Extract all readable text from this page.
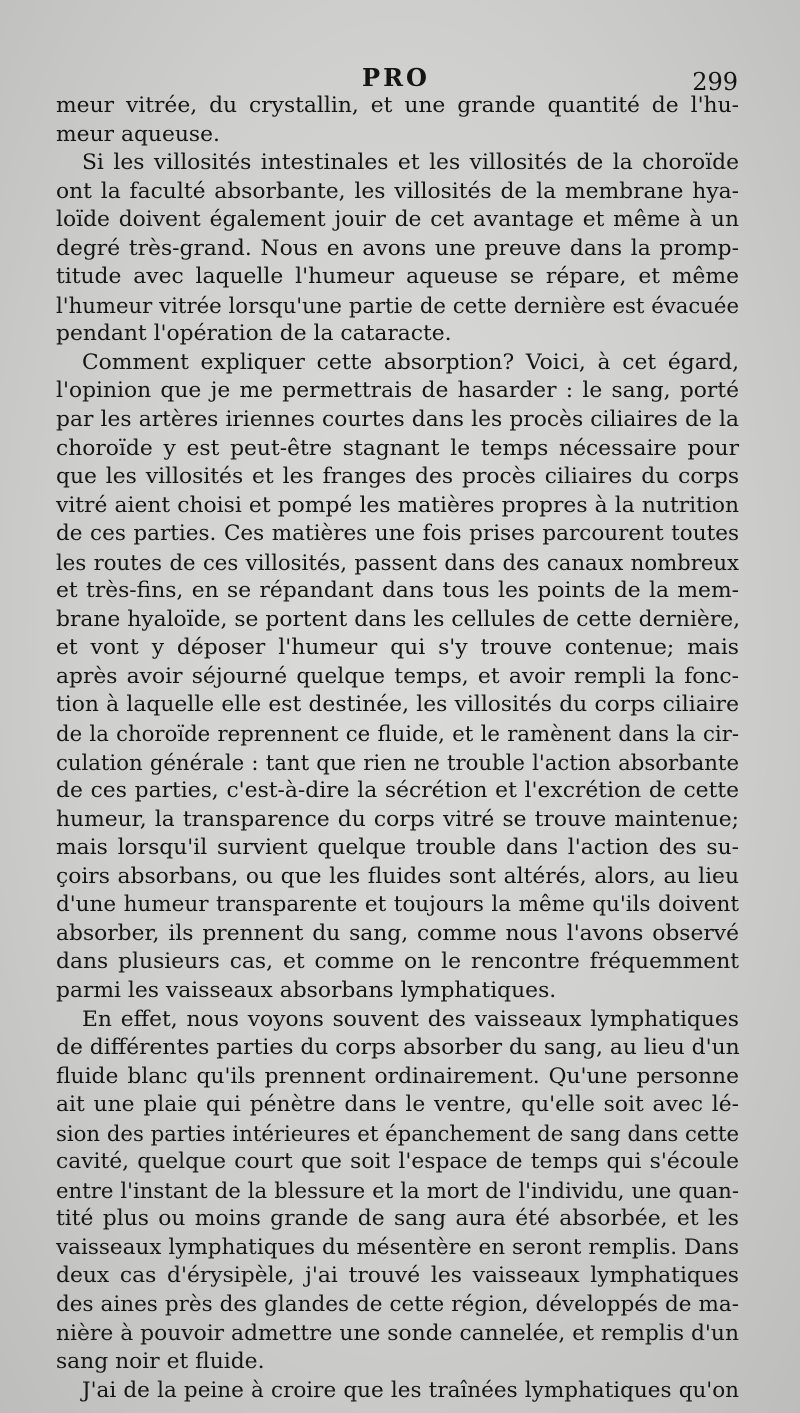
PRO	299
meur vitrée, du crystallin, et une grande quantité de l'hu-
meur aqueuse.
Si les villosités intestinales et les villosités de la choroïde
ont la faculté absorbante, les villosités de la membrane hya-
loïde doivent également jouir de cet avantage et même à un
degré très-grand. Nous en avons une preuve dans la promp-
titude avec laquelle l'humeur aqueuse se répare, et même
l'humeur vitrée lorsqu'une partie de cette dernière est évacuée
pendant l'opération de la cataracte.
Comment expliquer cette absorption? Voici, à cet égard,
l'opinion que je me permettrais de hasarder : le sang, porté
par les artères iriennes courtes dans les procès ciliaires de la
choroïde y est peut-être stagnant le temps nécessaire pour
que les villosités et les franges des procès ciliaires du corps
vitré aient choisi et pompé les matières propres à la nutrition
de ces parties. Ces matières une fois prises parcourent toutes
les routes de ces villosités, passent dans des canaux nombreux
et très-fins, en se répandant dans tous les points de la mem-
brane hyaloïde, se portent dans les cellules de cette dernière,
et vont y déposer l'humeur qui s'y trouve contenue; mais
après avoir séjourné quelque temps, et avoir rempli la fonc-
tion à laquelle elle est destinée, les villosités du corps ciliaire
de la choroïde reprennent ce fluide, et le ramènent dans la cir-
culation générale : tant que rien ne trouble l'action absorbante
de ces parties, c'est-à-dire la sécrétion et l'excrétion de cette
humeur, la transparence du corps vitré se trouve maintenue;
mais lorsqu'il survient quelque trouble dans l'action des su-
çoirs absorbans, ou que les fluides sont altérés, alors, au lieu
d'une humeur transparente et toujours la même qu'ils doivent
absorber, ils prennent du sang, comme nous l'avons observé
dans plusieurs cas, et comme on le rencontre fréquemment
parmi les vaisseaux absorbans lymphatiques.
En effet, nous voyons souvent des vaisseaux lymphatiques
de différentes parties du corps absorber du sang, au lieu d'un
fluide blanc qu'ils prennent ordinairement. Qu'une personne
ait une plaie qui pénètre dans le ventre, qu'elle soit avec lé-
sion des parties intérieures et épanchement de sang dans cette
cavité, quelque court que soit l'espace de temps qui s'écoule
entre l'instant de la blessure et la mort de l'individu, une quan-
tité plus ou moins grande de sang aura été absorbée, et les
vaisseaux lymphatiques du mésentère en seront remplis. Dans
deux cas d'érysipèle, j'ai trouvé les vaisseaux lymphatiques
des aines près des glandes de cette région, développés de ma-
nière à pouvoir admettre une sonde cannelée, et remplis d'un
sang noir et fluide.
J'ai de la peine à croire que les traînées lymphatiques qu'on
